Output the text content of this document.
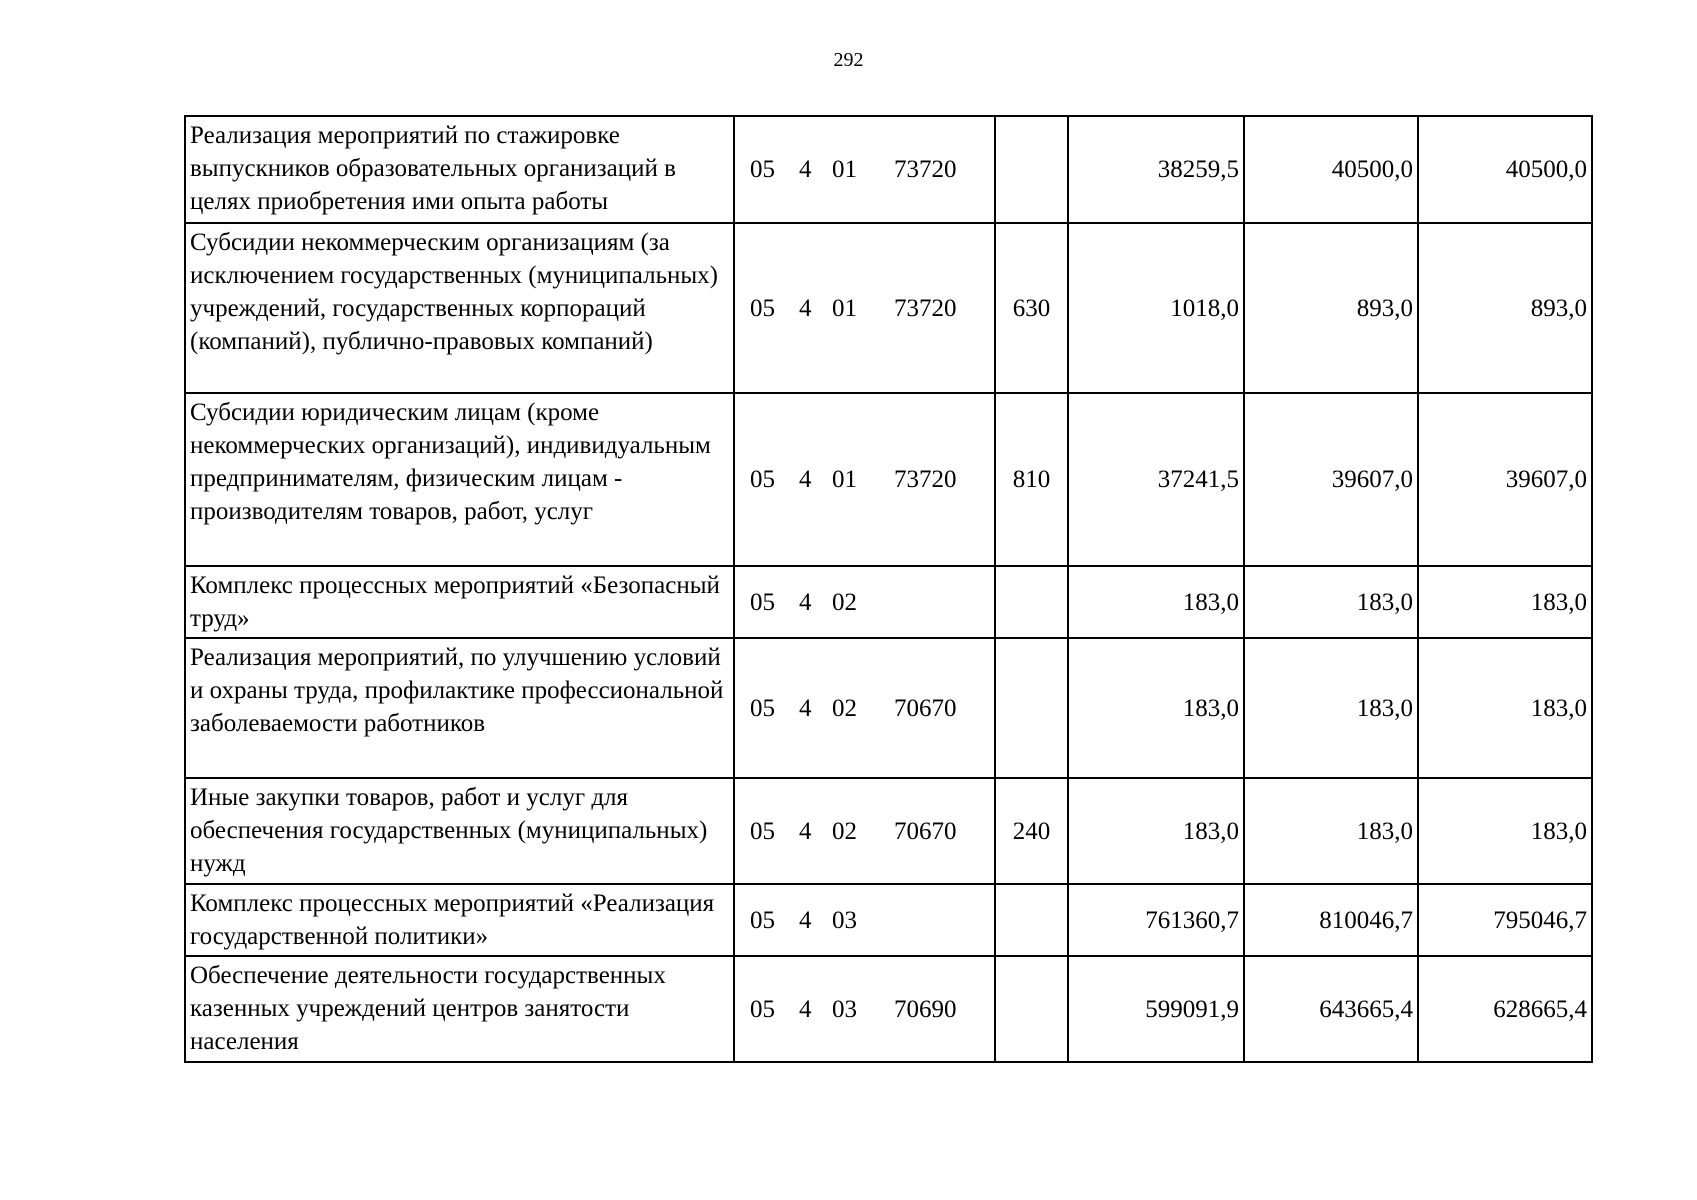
292
Реализация мероприятий по стажировке выпускников образовательных организаций в целях приобретения ими опыта работы	05 4 01 73720		38259,5	40500,0	40500,0
Субсидии некоммерческим организациям (за исключением государственных (муниципальных) учреждений, государственных корпораций (компаний), публично-правовых компаний)	05 4 01 73720	630	1018,0	893,0	893,0
Субсидии юридическим лицам (кроме некоммерческих организаций), индивидуальным предпринимателям, физическим лицам - производителям товаров, работ, услуг	05 4 01 73720	810	37241,5	39607,0	39607,0
Комплекс процессных мероприятий «Безопасный труд»	05 4 02		183,0	183,0	183,0
Реализация мероприятий, по улучшению условий и охраны труда, профилактике профессиональной заболеваемости работников	05 4 02 70670		183,0	183,0	183,0
Иные закупки товаров, работ и услуг для обеспечения государственных (муниципальных) нужд	05 4 02 70670	240	183,0	183,0	183,0
Комплекс процессных мероприятий «Реализация государственной политики»	05 4 03		761360,7	810046,7	795046,7
Обеспечение деятельности государственных казенных учреждений центров занятости населения	05 4 03 70690		599091,9	643665,4	628665,4
